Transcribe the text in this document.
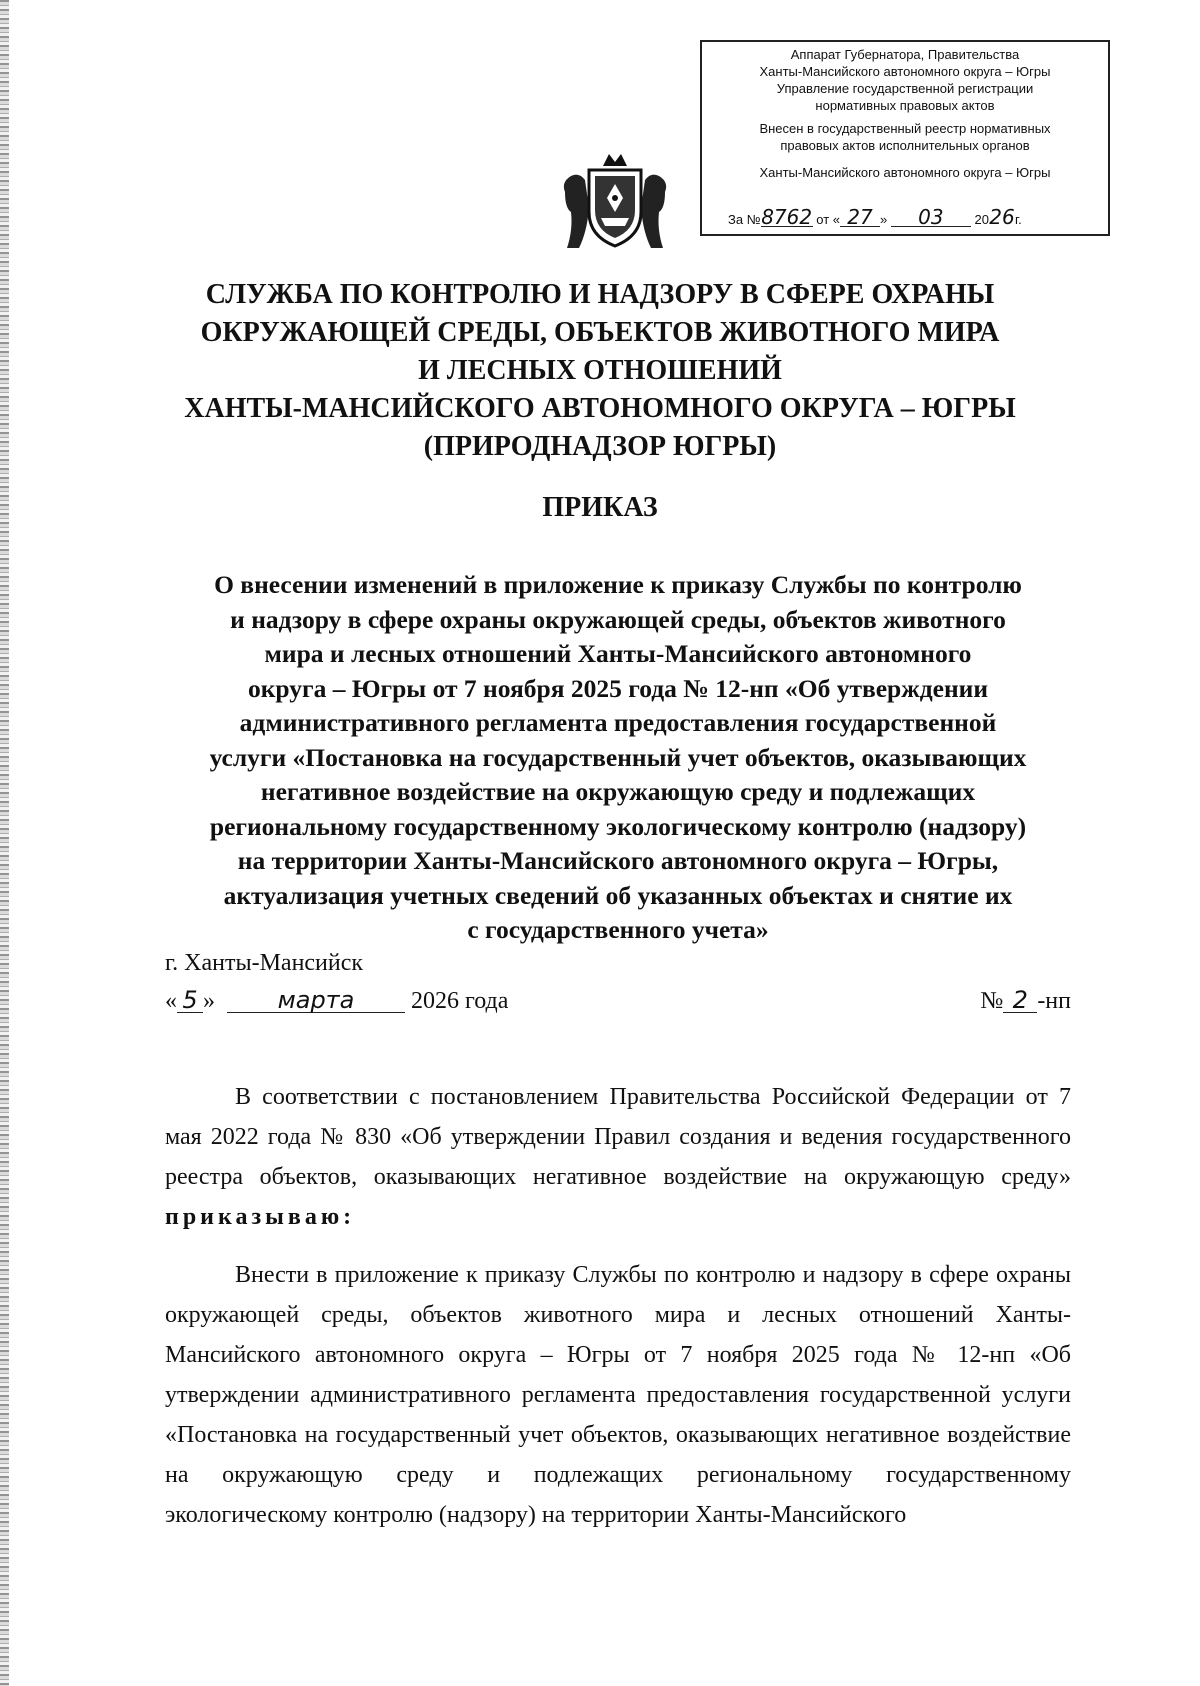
Аппарат Губернатора, Правительства
Ханты-Мансийского автономного округа – Югры
Управление государственной регистрации
нормативных правовых актов
Внесен в государственный реестр нормативных
правовых актов исполнительных органов
Ханты-Мансийского автономного округа – Югры
За №8762 от « 27 » 03 2026г.
СЛУЖБА ПО КОНТРОЛЮ И НАДЗОРУ В СФЕРЕ ОХРАНЫ
ОКРУЖАЮЩЕЙ СРЕДЫ, ОБЪЕКТОВ ЖИВОТНОГО МИРА
И ЛЕСНЫХ ОТНОШЕНИЙ
ХАНТЫ-МАНСИЙСКОГО АВТОНОМНОГО ОКРУГА – ЮГРЫ
(ПРИРОДНАДЗОР ЮГРЫ)
ПРИКАЗ
О внесении изменений в приложение к приказу Службы по контролю
и надзору в сфере охраны окружающей среды, объектов животного
мира и лесных отношений Ханты-Мансийского автономного
округа – Югры от 7 ноября 2025 года № 12-нп «Об утверждении
административного регламента предоставления государственной
услуги «Постановка на государственный учет объектов, оказывающих
негативное воздействие на окружающую среду и подлежащих
региональному государственному экологическому контролю (надзору)
на территории Ханты-Мансийского автономного округа – Югры,
актуализация учетных сведений об указанных объектах и снятие их
с государственного учета»
г. Ханты-Мансийск
« 5 »	марта 2026 года	№ 2 -нп
В соответствии с постановлением Правительства Российской Федерации от 7 мая 2022 года № 830 «Об утверждении Правил создания и ведения государственного реестра объектов, оказывающих негативное воздействие на окружающую среду» приказываю:
Внести в приложение к приказу Службы по контролю и надзору в сфере охраны окружающей среды, объектов животного мира и лесных отношений Ханты-Мансийского автономного округа – Югры от 7 ноября 2025 года № 12-нп «Об утверждении административного регламента предоставления государственной услуги «Постановка на государственный учет объектов, оказывающих негативное воздействие на окружающую среду и подлежащих региональному государственному экологическому контролю (надзору) на территории Ханты-Мансийского
